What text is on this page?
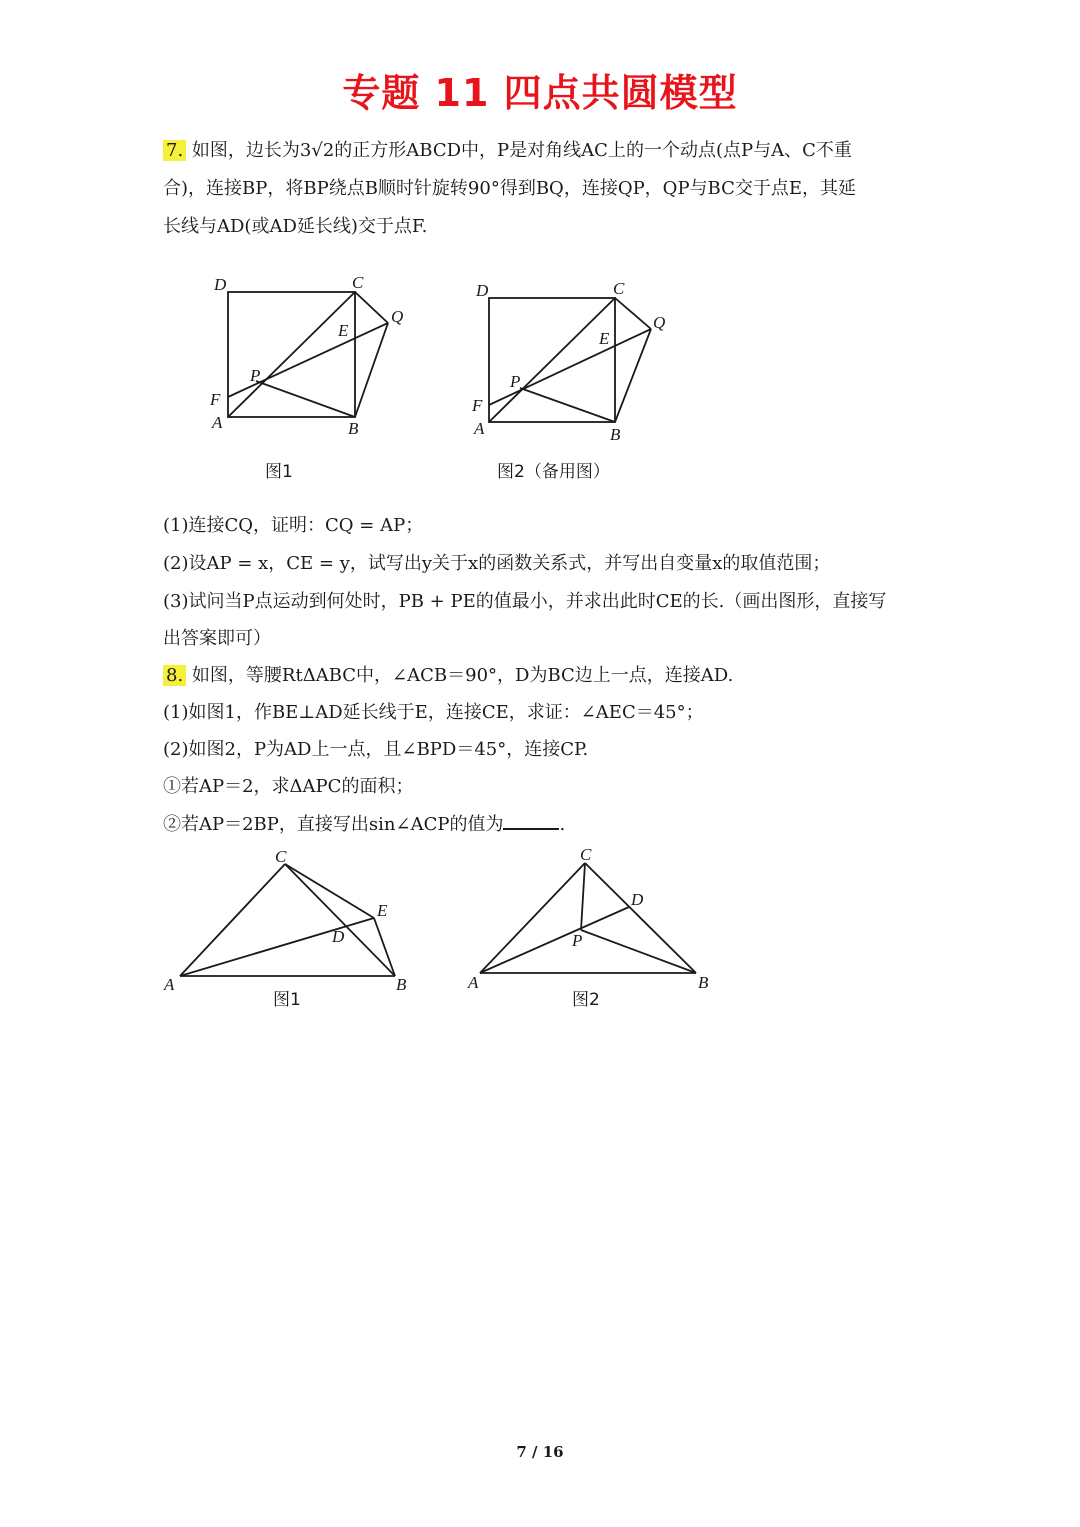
专题 11 四点共圆模型
7. 如图，边长为3√2的正方形ABCD中，P是对角线AC上的一个动点(点P与A、C不重
合)，连接BP，将BP绕点B顺时针旋转90°得到BQ，连接QP，QP与BC交于点E，其延
长线与AD(或AD延长线)交于点F.
图1	图2（备用图）
(1)连接CQ，证明：CQ = AP；
(2)设AP = x，CE = y，试写出y关于x的函数关系式，并写出自变量x的取值范围；
(3)试问当P点运动到何处时，PB + PE的值最小，并求出此时CE的长.（画出图形，直接写
出答案即可）
8. 如图，等腰RtΔABC中，∠ACB＝90°，D为BC边上一点，连接AD.
(1)如图1，作BE⊥AD延长线于E，连接CE，求证：∠AEC＝45°；
(2)如图2，P为AD上一点，且∠BPD＝45°，连接CP.
①若AP＝2，求ΔAPC的面积；
②若AP＝2BP，直接写出sin∠ACP的值为	.
图1	图2
D	C
Q
E
P
F
A	B
D	C
Q
E
P
F
A	B
C
E
D
A	B
C
D
P
A	B
7 / 16
